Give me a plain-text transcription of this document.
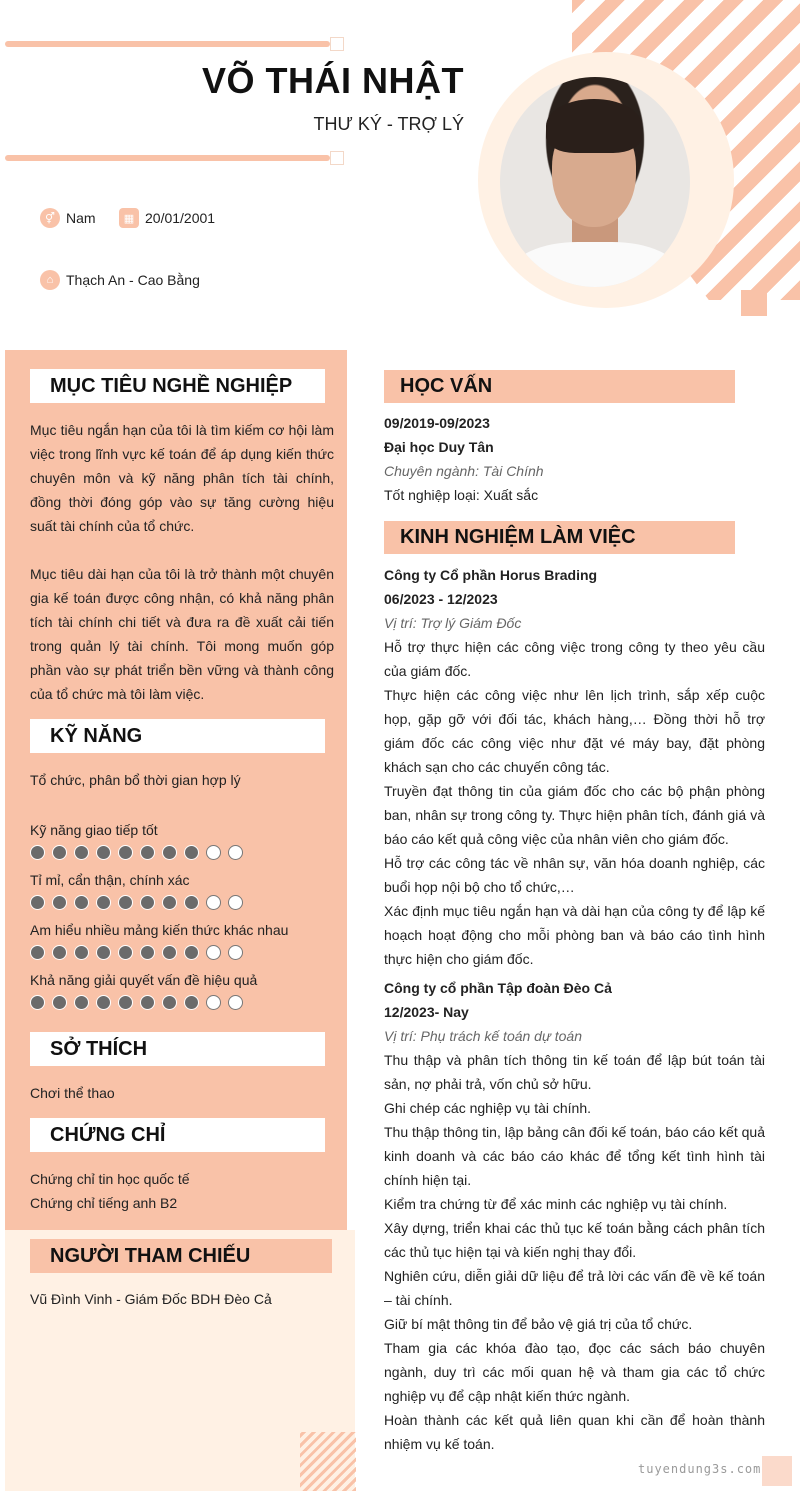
VÕ THÁI NHẬT
THƯ KÝ - TRỢ LÝ
⚥ Nam	▦ 20/01/2001
⌂ Thạch An - Cao Bằng
MỤC TIÊU NGHỀ NGHIỆP
Mục tiêu ngắn hạn của tôi là tìm kiếm cơ hội làm việc trong lĩnh vực kế toán để áp dụng kiến thức chuyên môn và kỹ năng phân tích tài chính, đồng thời đóng góp vào sự tăng cường hiệu suất tài chính của tổ chức.
Mục tiêu dài hạn của tôi là trở thành một chuyên gia kế toán được công nhận, có khả năng phân tích tài chính chi tiết và đưa ra đề xuất cải tiến trong quản lý tài chính. Tôi mong muốn góp phần vào sự phát triển bền vững và thành công của tổ chức mà tôi làm việc.
KỸ NĂNG
Tổ chức, phân bổ thời gian hợp lý
Kỹ năng giao tiếp tốt
Tỉ mỉ, cẩn thận, chính xác
Am hiểu nhiều mảng kiến thức khác nhau
Khả năng giải quyết vấn đề hiệu quả
SỞ THÍCH
Chơi thể thao
CHỨNG CHỈ
Chứng chỉ tin học quốc tế
Chứng chỉ tiếng anh B2
NGƯỜI THAM CHIẾU
Vũ Đình Vinh - Giám Đốc BDH Đèo Cả
HỌC VẤN
09/2019-09/2023
Đại học Duy Tân
Chuyên ngành: Tài Chính
Tốt nghiệp loại: Xuất sắc
KINH NGHIỆM LÀM VIỆC
Công ty Cổ phần Horus Brading
06/2023 - 12/2023
Vị trí: Trợ lý Giám Đốc
Hỗ trợ thực hiện các công việc trong công ty theo yêu cầu của giám đốc.
Thực hiện các công việc như lên lịch trình, sắp xếp cuộc họp, gặp gỡ với đối tác, khách hàng,… Đồng thời hỗ trợ giám đốc các công việc như đặt vé máy bay, đặt phòng khách sạn cho các chuyến công tác.
Truyền đạt thông tin của giám đốc cho các bộ phận phòng ban, nhân sự trong công ty. Thực hiện phân tích, đánh giá và báo cáo kết quả công việc của nhân viên cho giám đốc.
Hỗ trợ các công tác về nhân sự, văn hóa doanh nghiệp, các buổi họp nội bộ cho tổ chức,…
Xác định mục tiêu ngắn hạn và dài hạn của công ty để lập kế hoạch hoạt động cho mỗi phòng ban và báo cáo tình hình thực hiện cho giám đốc.
Công ty cổ phần Tập đoàn Đèo Cả
12/2023- Nay
Vị trí: Phụ trách kế toán dự toán
Thu thập và phân tích thông tin kế toán để lập bút toán tài sản, nợ phải trả, vốn chủ sở hữu.
Ghi chép các nghiệp vụ tài chính.
Thu thập thông tin, lập bảng cân đối kế toán, báo cáo kết quả kinh doanh và các báo cáo khác để tổng kết tình hình tài chính hiện tại.
Kiểm tra chứng từ để xác minh các nghiệp vụ tài chính.
Xây dựng, triển khai các thủ tục kế toán bằng cách phân tích các thủ tục hiện tại và kiến nghị thay đổi.
Nghiên cứu, diễn giải dữ liệu để trả lời các vấn đề về kế toán – tài chính.
Giữ bí mật thông tin để bảo vệ giá trị của tổ chức.
Tham gia các khóa đào tạo, đọc các sách báo chuyên ngành, duy trì các mối quan hệ và tham gia các tổ chức nghiệp vụ để cập nhật kiến thức ngành.
Hoàn thành các kết quả liên quan khi cần để hoàn thành nhiệm vụ kế toán.
tuyendung3s.com
